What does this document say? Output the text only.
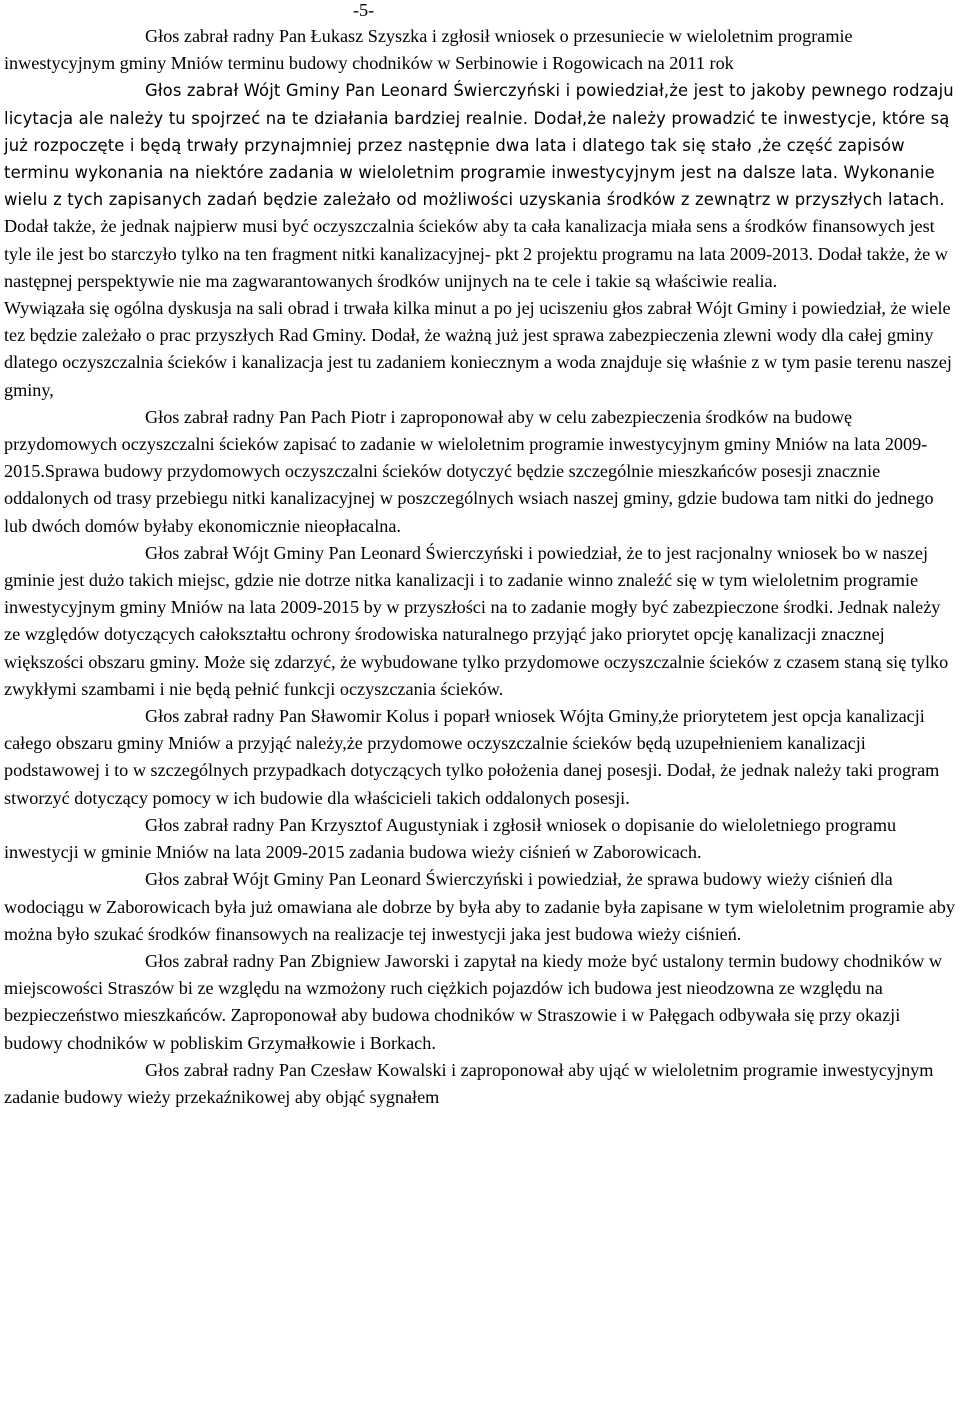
-5-

Głos zabrał radny Pan Łukasz Szyszka i zgłosił wniosek o przesuniecie w wieloletnim programie inwestycyjnym gminy Mniów terminu budowy chodników w Serbinowie i Rogowicach na 2011 rok

Głos zabrał Wójt Gminy Pan Leonard Świerczyński i powiedział,że jest to jakoby pewnego rodzaju licytacja ale należy tu spojrzeć na te działania bardziej realnie. Dodał,że należy prowadzić te inwestycje, które są już rozpoczęte i będą trwały przynajmniej przez następnie dwa lata i dlatego tak się stało ,że część zapisów terminu wykonania na niektóre zadania w wieloletnim programie inwestycyjnym jest na dalsze lata. Wykonanie wielu z tych zapisanych zadań będzie zależało od możliwości uzyskania środków z zewnątrz w przyszłych latach. Dodał także, że jednak najpierw musi być oczyszczalnia ścieków aby ta cała kanalizacja miała sens a środków finansowych jest tyle ile jest bo starczyło tylko na ten fragment nitki kanalizacyjnej- pkt 2 projektu programu na lata 2009-2013. Dodał także, że w następnej perspektywie nie ma zagwarantowanych środków unijnych na te cele i takie są właściwie realia.

Wywiązała się ogólna dyskusja na sali obrad i trwała kilka minut a po jej uciszeniu głos zabrał Wójt Gminy i powiedział, że wiele tez będzie zależało o prac przyszłych Rad Gminy. Dodał, że ważną już jest sprawa zabezpieczenia zlewni wody dla całej gminy dlatego oczyszczalnia ścieków i kanalizacja jest tu zadaniem koniecznym a woda znajduje się właśnie z w tym pasie terenu naszej gminy,

Głos zabrał radny Pan Pach Piotr i zaproponował aby w celu zabezpieczenia środków na budowę przydomowych oczyszczalni ścieków zapisać to zadanie w wieloletnim programie inwestycyjnym gminy Mniów na lata 2009-2015.Sprawa budowy przydomowych oczyszczalni ścieków dotyczyć będzie szczególnie mieszkańców posesji znacznie oddalonych od trasy przebiegu nitki kanalizacyjnej w poszczególnych wsiach naszej gminy, gdzie budowa tam nitki do jednego lub dwóch domów byłaby ekonomicznie nieopłacalna.

Głos zabrał Wójt Gminy Pan Leonard Świerczyński i powiedział, że to jest racjonalny wniosek bo w naszej gminie jest dużo takich miejsc, gdzie nie dotrze nitka kanalizacji i to zadanie winno znaleźć się w tym wieloletnim programie inwestycyjnym gminy Mniów na lata 2009-2015 by w przyszłości na to zadanie mogły być zabezpieczone środki. Jednak należy ze względów dotyczących całokształtu ochrony środowiska naturalnego przyjąć jako priorytet opcję kanalizacji znacznej większości obszaru gminy. Może się zdarzyć, że wybudowane tylko przydomowe oczyszczalnie ścieków z czasem staną się tylko zwykłymi szambami i nie będą pełnić funkcji oczyszczania ścieków.

Głos zabrał radny Pan Sławomir Kolus i poparł wniosek Wójta Gminy,że priorytetem jest opcja kanalizacji całego obszaru gminy Mniów a przyjąć należy,że przydomowe oczyszczalnie ścieków będą uzupełnieniem kanalizacji podstawowej i to w szczególnych przypadkach dotyczących tylko położenia danej posesji. Dodał, że jednak należy taki program stworzyć dotyczący pomocy w ich budowie dla właścicieli takich oddalonych posesji.

Głos zabrał radny Pan Krzysztof Augustyniak i zgłosił wniosek o dopisanie do wieloletniego programu inwestycji w gminie Mniów na lata 2009-2015 zadania budowa wieży ciśnień w Zaborowicach.

Głos zabrał Wójt Gminy Pan Leonard Świerczyński i powiedział, że sprawa budowy wieży ciśnień dla wodociągu w Zaborowicach była już omawiana ale dobrze by była aby to zadanie była zapisane w tym wieloletnim programie aby można było szukać środków finansowych na realizacje tej inwestycji jaka jest budowa wieży ciśnień.

Głos zabrał radny Pan Zbigniew Jaworski i zapytał na kiedy może być ustalony termin budowy chodników w miejscowości Straszów bi ze względu na wzmożony ruch ciężkich pojazdów ich budowa jest nieodzowna ze względu na bezpieczeństwo mieszkańców. Zaproponował aby budowa chodników w Straszowie i w Pałęgach odbywała się przy okazji budowy chodników w pobliskim Grzymałkowie i Borkach.

Głos zabrał radny Pan Czesław Kowalski i zaproponował aby ująć w wieloletnim programie inwestycyjnym zadanie budowy wieży przekaźnikowej aby objąć sygnałem
